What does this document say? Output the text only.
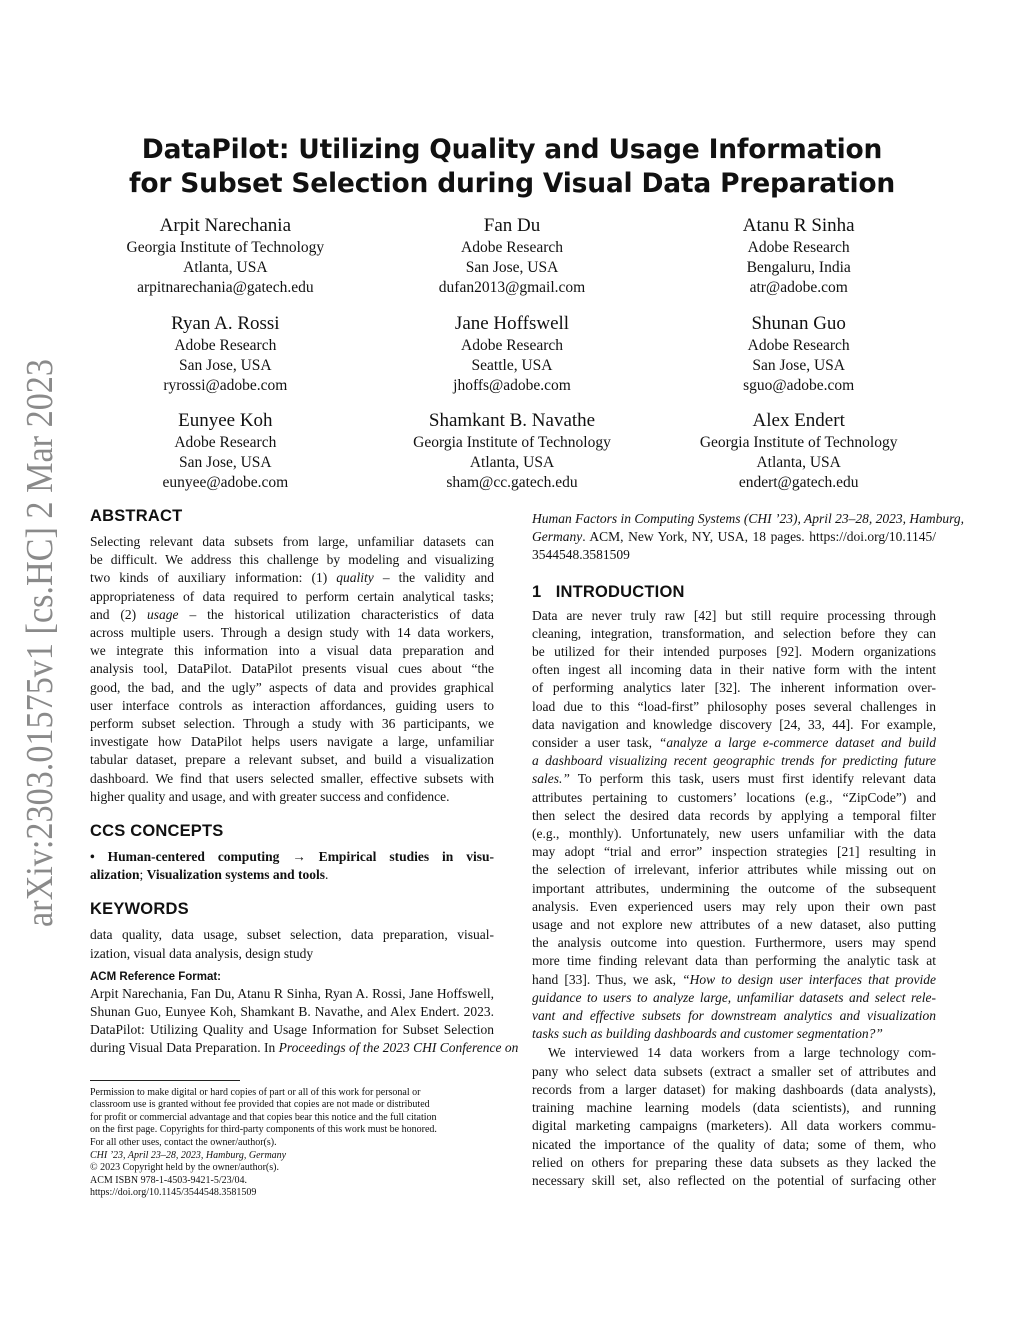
arXiv:2303.01575v1 [cs.HC] 2 Mar 2023
DataPilot: Utilizing Quality and Usage Information
for Subset Selection during Visual Data Preparation
Arpit Narechania
Georgia Institute of Technology
Atlanta, USA
arpitnarechania@gatech.edu
Fan Du
Adobe Research
San Jose, USA
dufan2013@gmail.com
Atanu R Sinha
Adobe Research
Bengaluru, India
atr@adobe.com
Ryan A. Rossi
Adobe Research
San Jose, USA
ryrossi@adobe.com
Jane Hoffswell
Adobe Research
Seattle, USA
jhoffs@adobe.com
Shunan Guo
Adobe Research
San Jose, USA
sguo@adobe.com
Eunyee Koh
Adobe Research
San Jose, USA
eunyee@adobe.com
Shamkant B. Navathe
Georgia Institute of Technology
Atlanta, USA
sham@cc.gatech.edu
Alex Endert
Georgia Institute of Technology
Atlanta, USA
endert@gatech.edu
ABSTRACT

Selecting relevant data subsets from large, unfamiliar datasets can
be difficult. We address this challenge by modeling and visualizing
two kinds of auxiliary information: (1) quality – the validity and
appropriateness of data required to perform certain analytical tasks;
and (2) usage – the historical utilization characteristics of data
across multiple users. Through a design study with 14 data workers,
we integrate this information into a visual data preparation and
analysis tool, DataPilot. DataPilot presents visual cues about “the
good, the bad, and the ugly” aspects of data and provides graphical
user interface controls as interaction affordances, guiding users to
perform subset selection. Through a study with 36 participants, we
investigate how DataPilot helps users navigate a large, unfamiliar
tabular dataset, prepare a relevant subset, and build a visualization
dashboard. We find that users selected smaller, effective subsets with
higher quality and usage, and with greater success and confidence.

CCS CONCEPTS

• Human-centered computing → Empirical studies in visu-
alization; Visualization systems and tools.

KEYWORDS

data quality, data usage, subset selection, data preparation, visual-
ization, visual data analysis, design study

ACM Reference Format:

Arpit Narechania, Fan Du, Atanu R Sinha, Ryan A. Rossi, Jane Hoffswell,
Shunan Guo, Eunyee Koh, Shamkant B. Navathe, and Alex Endert. 2023.
DataPilot: Utilizing Quality and Usage Information for Subset Selection
during Visual Data Preparation. In Proceedings of the 2023 CHI Conference on

Permission to make digital or hard copies of part or all of this work for personal or
classroom use is granted without fee provided that copies are not made or distributed
for profit or commercial advantage and that copies bear this notice and the full citation
on the first page. Copyrights for third-party components of this work must be honored.
For all other uses, contact the owner/author(s).
CHI ’23, April 23–28, 2023, Hamburg, Germany
© 2023 Copyright held by the owner/author(s).
ACM ISBN 978-1-4503-9421-5/23/04.
https://doi.org/10.1145/3544548.3581509

Human Factors in Computing Systems (CHI ’23), April 23–28, 2023, Hamburg,
Germany. ACM, New York, NY, USA, 18 pages. https://doi.org/10.1145/
3544548.3581509

1   INTRODUCTION

Data are never truly raw [42] but still require processing through
cleaning, integration, transformation, and selection before they can
be utilized for their intended purposes [92]. Modern organizations
often ingest all incoming data in their native form with the intent
of performing analytics later [32]. The inherent information over-
load due to this “load-first” philosophy poses several challenges in
data navigation and knowledge discovery [24, 33, 44]. For example,
consider a user task, “analyze a large e-commerce dataset and build
a dashboard visualizing recent geographic trends for predicting future
sales.” To perform this task, users must first identify relevant data
attributes pertaining to customers’ locations (e.g., “ZipCode”) and
then select the desired data records by applying a temporal filter
(e.g., monthly). Unfortunately, new users unfamiliar with the data
may adopt “trial and error” inspection strategies [21] resulting in
the selection of irrelevant, inferior attributes while missing out on
important attributes, undermining the outcome of the subsequent
analysis. Even experienced users may rely upon their own past
usage and not explore new attributes of a new dataset, also putting
the analysis outcome into question. Furthermore, users may spend
more time finding relevant data than performing the analytic task at
hand [33]. Thus, we ask, “How to design user interfaces that provide
guidance to users to analyze large, unfamiliar datasets and select rele-
vant and effective subsets for downstream analytics and visualization
tasks such as building dashboards and customer segmentation?”

We interviewed 14 data workers from a large technology com-
pany who select data subsets (extract a smaller set of attributes and
records from a larger dataset) for making dashboards (data analysts),
training machine learning models (data scientists), and running
digital marketing campaigns (marketers). All data workers commu-
nicated the importance of the quality of data; some of them, who
relied on others for preparing these data subsets as they lacked the
necessary skill set, also reflected on the potential of surfacing other
